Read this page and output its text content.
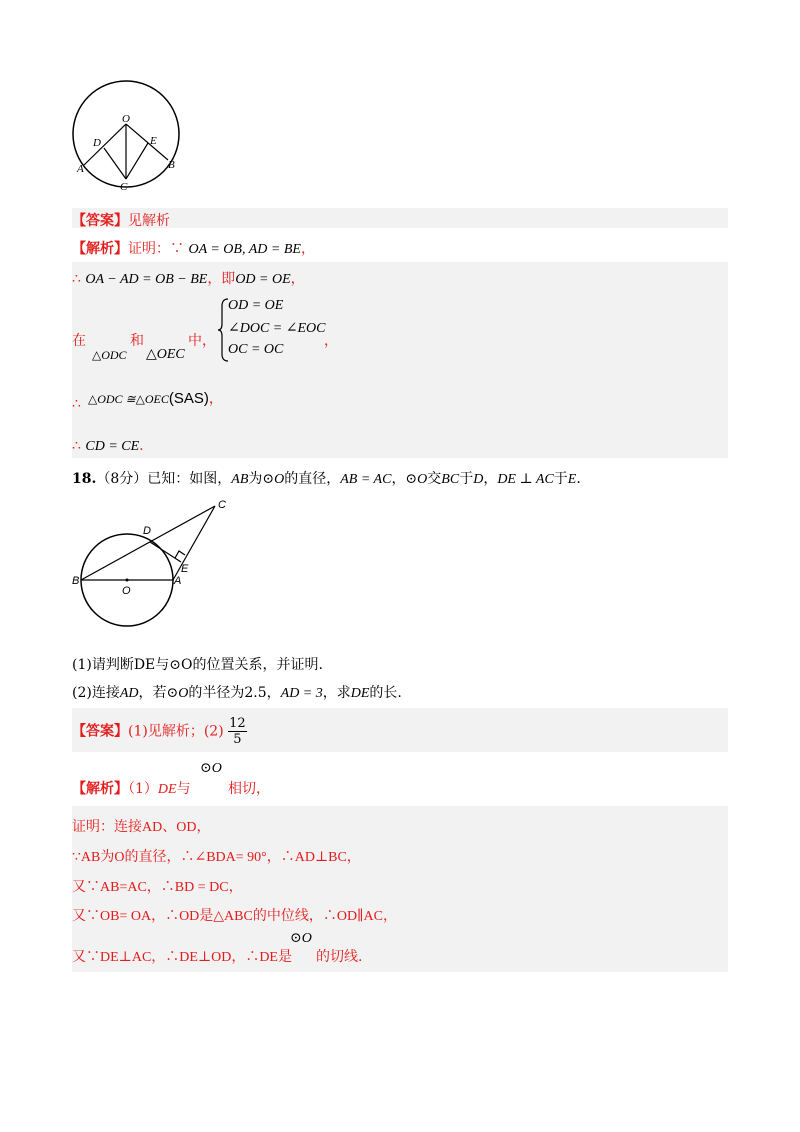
O
D	E
A	B
C
【答案】见解析
【解析】证明：∵ OA = OB, AD = BE，
∴ OA − AD = OB − BE，即OD = OE，
在	和	中，
△ODC △OEC
OD = OE
∠DOC = ∠EOC
OC = OC
，
∴ △ODC ≅△OEC(SAS)，
∴ CD = CE.
18.（8分）已知：如图，AB为⊙O的直径，AB = AC，⊙O交BC于D，DE ⊥ AC于E.
C
D
E
B	A
O
(1)请判断DE与⊙O的位置关系，并证明.
(2)连接AD，若⊙O的半径为2.5，AD = 3，求DE的长.
【答案】(1)见解析；$(2) \frac{12}{5}$
【解析】（1）DE与
⊙O
相切，
证明：连接AD、OD，
∵AB为O的直径，∴∠BDA= 90°，∴AD⊥BC，
又∵AB=AC，∴BD = DC，
又∵OB= OA，∴OD是△ABC的中位线，∴OD∥AC，
又∵DE⊥AC，∴DE⊥OD，∴DE是
⊙O
的切线.
